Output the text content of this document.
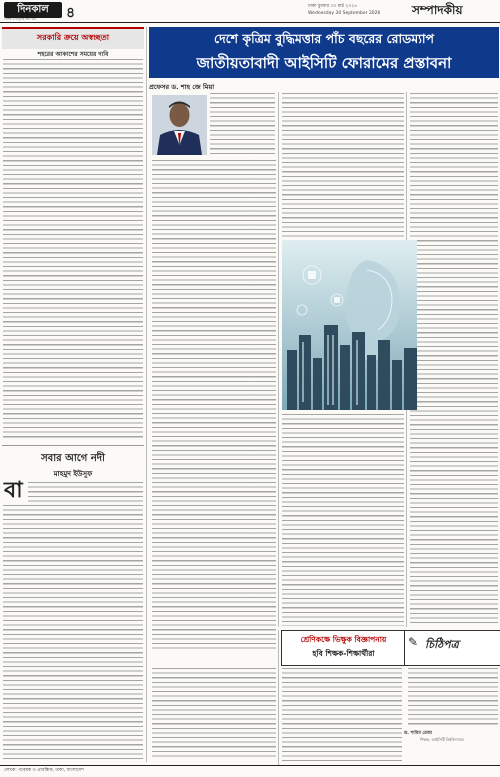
দিনকাল	৪
দেশের ও মানুষের কথা বলে
ঢাকা বুধবার ৩০ মার্চ ২০২৫
Wednesday 30 September 2026	সম্পাদকীয়
সরকারি ক্রয়ে অস্বচ্ছতা
শহরের আকাশের সময়ের দাবি
সবার আগে নদী
মাহমুদ ইউসুফ
বা
দেশে কৃত্রিম বুদ্ধিমত্তার পাঁচ বছরের রোডম্যাপ
জাতীয়তাবাদী আইসিটি ফোরামের প্রস্তাবনা
প্রফেসর ড. শাহ জে মিয়া
শ্রেণিকক্ষে ভিক্ষুক বিজ্ঞাপনায়
হবি শিক্ষক-শিক্ষার্থীরা
✎ চিঠিপত্র
ড. শামিম রেজা
শিক্ষক, আইসিটি বিশ্ববিদ্যালয়
লেখক: গবেষক ও প্রাবন্ধিক, ঢাকা, বাংলাদেশ
